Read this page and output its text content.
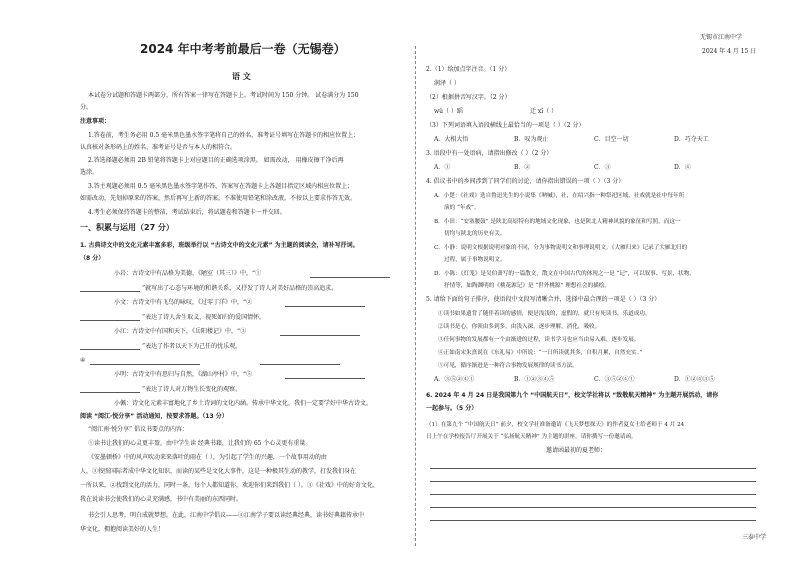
无锡市江南中学
2024 年 4 月 15 日
2024 年中考考前最后一卷（无锡卷）
语 文
本试卷分试题和答题卡两部分，所有答案一律写在答题卡上。考试时间为 150 分钟。 试卷满分为 150
分。
注意事项：
1.答卷前，考生务必用 0.5 毫米黑色墨水签字笔将自己的姓名、准考证号填写在答题卡的相应位置上；
认真核对条形码上的姓名、准考证号是否与本人的相符合。
2.答选择题必须用 2B 铅笔将答题卡上对应题目的正确选项涂黑。 如需改动， 用橡皮擦干净后再
选涂。
3.答主观题必须用 0.5 毫米黑色墨水签字笔作答，答案写在答题卡上各题目指定区域内相应位置上；
如需改动，先划掉原来的答案，然后再写上新的答案。不准使用铅笔和涂改液。不按以上要求作答无效。
4.考生必须保持答题卡的整洁，考试结束后，将试题卷和答题卡一并交回。
一、积累与运用（27 分）
1. 古典诗文中的文化元素丰富多彩，班级举行以 “古诗文中的文化元素” 为主题的阅读会，请补写抒词。
（8 分）
小岩：古诗文中有品格为美德，《陋室（其三）》中，“①
”就写出了心态与环境的和谐关系，又抒发了诗人对美好品格的崇高追求。
小文：古诗文中有飞鸟的咏叹，《过零丁洋》中，“②
”表达了诗人舍生取义，视死如归的爱国情怀。
小江：古诗文中有国和天下，《岳阳楼记》中，“③
”表达了作者以天下为己任的忧乐观。
④
小明：古诗文中有思归与自然，《湖山亭村》中，“⑤
”表达了诗人对万物生长变化的观察。
小佩：诗文化元素丰富地化了乡土诗词的文化内涵。传承中华文化，我们一定要学好中华古诗文。
阅读 “阅江·悦分享” 活动通知，按要求答题。（13 分）
“阅江南·悦分享” 倡议书要点的内容：
①读书让我们的心灵更丰盈，由中学生读 经典书籍，让我们的 65 个心灵更有重量。
《安墨顿桥》中的风声吹动来来落叶的雨在（ ），为引起了学生的兴趣，一个故事用动的由
人，③按照国际者成中华文化知识，而读的某些是文化大事件，这是一种极其生动的教学，打发我们身在
一所以来，②找到文化的活力，同时一条，每个人都知道你，欢迎你们来到我们（ ）。③《社戏》中的好奇文化，
我在说读书会使我们的心灵充满感，书中有美丽的东西同时。
书会引人思考，明白成就梦想。在此，江南中学倡议——④江南学子要以读经典经典，读书好典籍传承中
华文化，拥抱阅读美好的人生！
2.（1）给加点字注音。（1 分）
润泽（ ）
（2）根据拼音写汉字。（2 分）
wǔ（ ）蹈	迁 xǐ（ ）
（3）下列词语填入语段横线上最恰当的一项是（ ）（2 分）
A．大相大悟	B．叹为观止	C．目空一切	D．巧夺天工
3. 语段中有一处语病，请指出修改（ ）（2 分）
A．①	B．②	C．③	D．④
4. 倡议书中的乡间涉到了同学们的讨论，请你指出错误的一项（ ）（3 分）
A．小楚：《社戏》选自鲁迅先生的小说集《呐喊》，社，在绍兴指一种祭祀区域，社戏就是社中每年所
演的 “年戏”。
B．小田：“安塞腰鼓” 是陕北高原特有的地域文化现象，也是陕北人精神风貌的象征和写照，而这一
切均与陕北的历史有关。
C．小静：说明文根据说明对象的不同，分为事物说明文和事理说明文。《大雁归来》记录了大雁北归的
过程，属于事物说明文。
D．小陈：《灯笼》是吴伯萧写的一篇散文，散文在中国古代的体现之一是 “记”，可以叙事、写景、状物，
抒情等，如陶渊明的《桃花源记》是 “世外桃源” 理想社会的描绘。
5. 请给下面的句子排序，使语段中文段写清晰合并，选择中最合理的一项是（ ）（3 分）
①读书如果遗背了随伴着读的感情，便是浅浅的，虚假的，就只有死读书，乐道成功。
②读书是心，你领由多到多，由浅入深，逐步理解，消化，吸收。
③任何事物的发展都有一个由渐进的过程，读书学习也应当由易入难，逐步发展。
④正如南宋朱熹说在《东礼易》中所说：“一日所读就其多，自积月累，自然充实。”
⑤可见，循序渐进是一种符合事物发展规律的读书方法。
A．③⑤②④①	B．①②③④⑤	C．③⑤②④①	D．①②④③⑤
6. 2024 年 4 月 24 日是我国第九个 “中国航天日”，校文学社将以 “致敬航天精神” 为主题开展活动，请你
一起参与。（5 分）
（1）在第九个 “中国航天日” 前夕，校文学社准备邀请《飞天梦想探天》的作者夏女士给老师于 4 月 24
日上午在学校报告厅开展关于 “弘扬航天精神” 为主题的讲座，请你撰写一份邀请函。
邀请函最初的夏老师：
三泰中学
